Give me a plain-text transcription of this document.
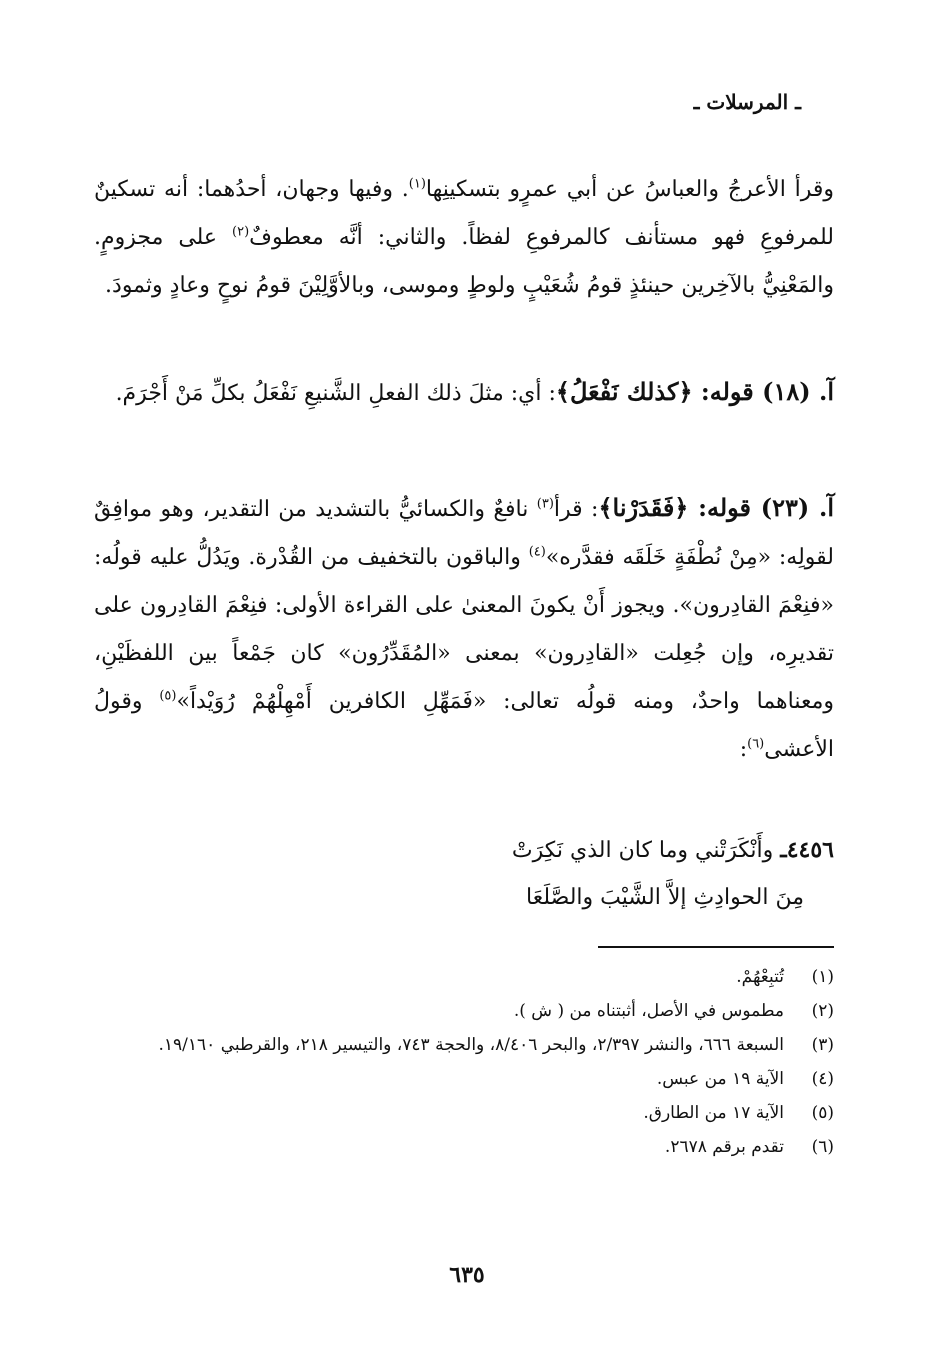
ـ المرسلات ـ
وقرأ الأعرجُ والعباسُ عن أبي عمرٍو بتسكينِها$^{(١)}$. وفيها وجهان، أحدُهما: أنه تسكينٌ للمرفوعِ فهو مستأنف كالمرفوعِ لفظاً. والثاني: أنَّه معطوفٌ$^{(٢)}$ على مجزومٍ. والمَعْنِيُّ بالآخِرين حينئذٍ قومُ شُعَيْبٍ ولوطٍ وموسى، وبالأوَّلِيْنَ قومُ نوحٍ وعادٍ وثمودَ.
آ. (١٨) قوله: ﴿كذلك نَفْعَلُ﴾: أي: مثلَ ذلك الفعلِ الشَّنيعِ نَفْعَلُ بكلِّ مَنْ أَجْرَمَ.
آ. (٢٣) قوله: ﴿فَقَدَرْنا﴾: قرأ$^{(٣)}$ نافعٌ والكسائيُّ بالتشديد من التقدير، وهو موافِقٌ لقولِه: «مِنْ نُطْفَةٍ خَلَقَه فقدَّره»$^{(٤)}$ والباقون بالتخفيف من القُدْرة. ويَدُلُّ عليه قولُه: «فنِعْمَ القادِرون». ويجوز أَنْ يكونَ المعنىٰ على القراءة الأولى: فنِعْمَ القادِرون على تقديرِه، وإن جُعِلت «القادِرون» بمعنى «المُقَدِّرُون» كان جَمْعاً بين اللفظَيْنِ، ومعناهما واحدٌ، ومنه قولُه تعالى: «فَمَهِّلِ الكافرين أَمْهِلْهُمْ رُوَيْداً»$^{(٥)}$ وقولُ الأعشى$^{(٦)}$:
٤٤٥٦ـ وأَنْكَرَتْني وما كان الذي نَكِرَتْ
مِنَ الحوادِثِ إلاَّ الشَّيْبَ والصَّلَعَا
(١)
تُتبِعْهُمْ.
(٢)
مطموس في الأصل، أثبتناه من ( ش ).
(٣)
السبعة ٦٦٦، والنشر ٢/٣٩٧، والبحر ٨/٤٠٦، والحجة ٧٤٣، والتيسير ٢١٨، والقرطبي ١٩/١٦٠.
(٤)
الآية ١٩ من عبس.
(٥)
الآية ١٧ من الطارق.
(٦)
تقدم برقم ٢٦٧٨.
٦٣٥
